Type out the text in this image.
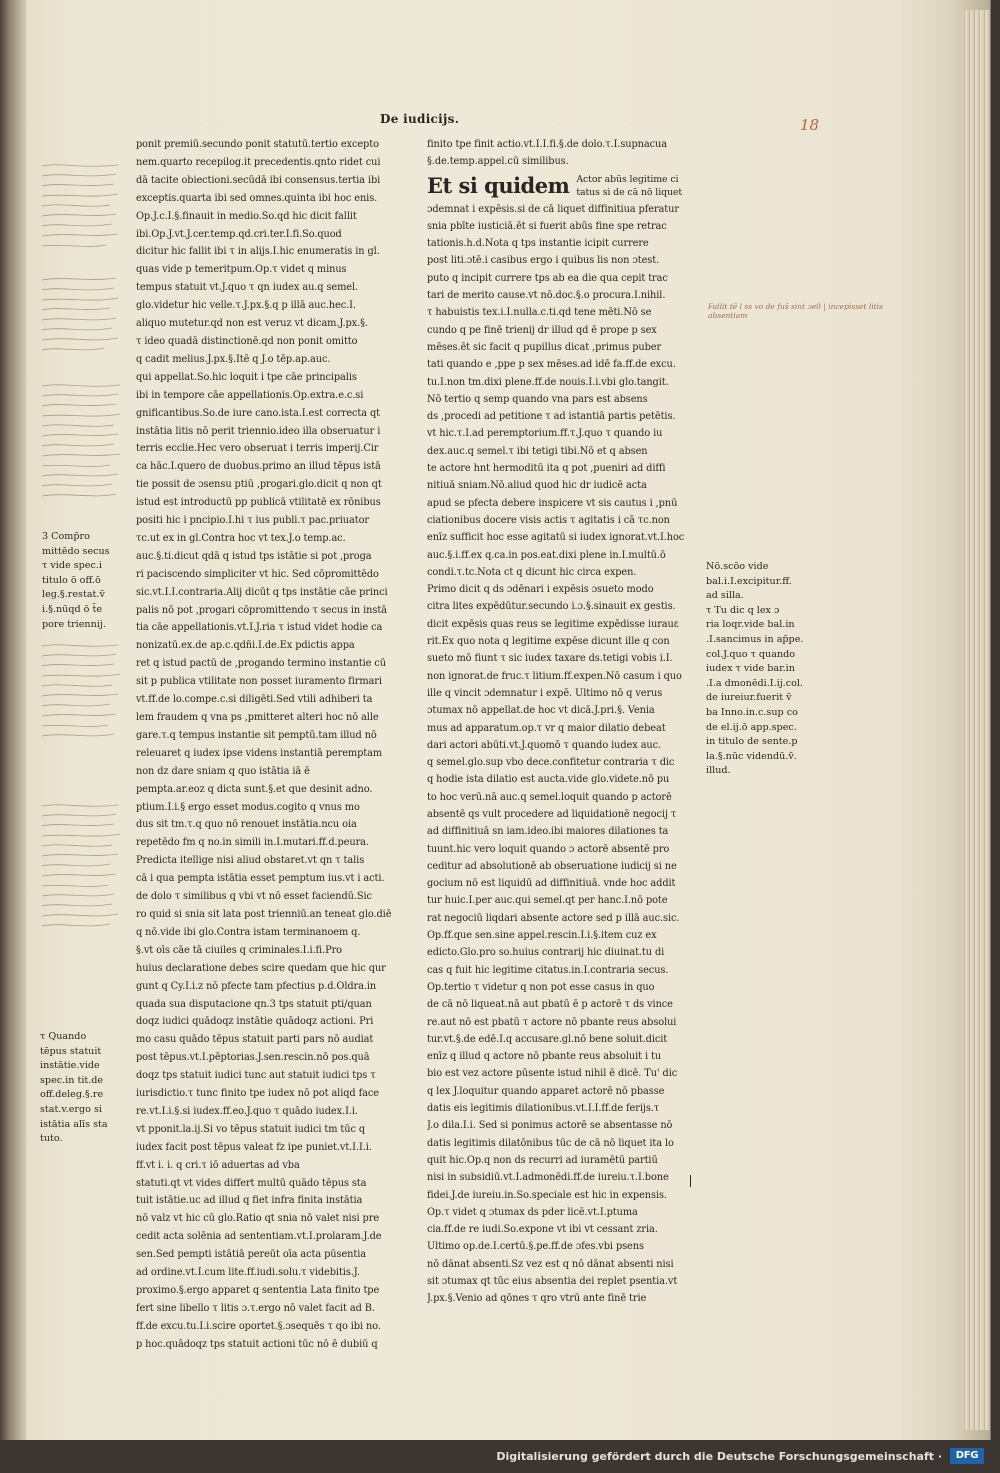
De iudicijs.	18
Fallit tē l ss vo de fus̄ sint ɔe0 | incepisset litis absentiam
ponit premiū.secundo ponit statutū.tertio excepto
nem.quarto recepilog.it precedentis.qnto ridet cui
dā tacite obiectioni.secūdā ibi consensus.tertia ibi
exceptis.quarta ibi sed omnes.quinta ibi hoc enis.
Op.J.c.I.§.finauit in medio.So.qd hic dicit fallit
ibi.Op.J.vt.J.cer.temp.qd.cri.ter.I.fi.So.quod
dicitur hic fallit ibi τ in alijs.I.hic enumeratis in gl.
quas vide p temeritpum.Op.τ videt q minus
tempus statuit vt.J.quo τ qn iudex au.q semel.
glo.videtur hic velle.τ.J.px.§.q p illā auc.hec.I.
aliquo mutetur.qd non est veruz vt dicam.J.px.§.
τ ideo quadā distinctionē.qd non ponit omitto
q cadit melius.J.px.§.Itē q J.o tēp.ap.auc.
qui appellat.So.hic loquit i tpe cāe principalis
ibi in tempore cāe appellationis.Op.extra.e.c.si
gnificantibus.So.de iure cano.ista.I.est correcta qt
instātia litis nō perit triennio.ideo illa obseruatur i
terris ecclie.Hec vero obseruat i terris imperij.Cir
ca hāc.I.quero de duobus.primo an illud tēpus istā
tie possit de ɔsensu ptiū ,progari.glo.dicit q non qt
istud est introductū pp publicā vtilitatē ex rōnibus
positi hic i pncipio.I.hi τ ius publi.τ pac.priuator
τc.ut ex in gl.Contra hoc vt tex.J.o temp.ac.
auc.§.ti.dicut qdā q istud tps istātie si pot ,proga
ri paciscendo simpliciter vt hic. Sed cōpromittēdo
sic.vt.I.I.contraria.Alij dicūt q tps instātie cāe princi
palis nō pot ,progari cōpromittendo τ secus in instā
tia cāe appellationis.vt.I.J.ria τ istud videt hodie ca
nonizatū.ex.de ap.c.qdñi.I.de.Ex pdictis appa
ret q istud pactū de ,progando termino instantie cū
sit p publica vtilitate non posset iuramento firmari
vt.ff.de lo.compe.c.si diligēti.Sed vtili adhiberi ta
lem fraudem q vna ps ,pmitteret alteri hoc nō alle
gare.τ.q tempus instantie sit pemptū.tam illud nō
releuaret q iudex ipse videns instantiā peremptam
non dz dare sniam q quo istātia iā ē
pempta.ar.eoz q dicta sunt.§.et que desinit adno.
ptium.I.i.§ ergo esset modus.cogito q vnus mo
dus sit tm.τ.q quo nō renouet instātia.ncu oia
repetēdo fm q no.in simili in.I.mutari.ff.d.peura.
Predicta itellige nisi aliud obstaret.vt qn τ talis
cā i qua pempta istātia esset pemptum ius.vt i acti.
de dolo τ similibus q vbi vt nō esset faciendū.Sic
ro quid si snia sit lata post trienniū.an teneat glo.diē
q nō.vide ibi glo.Contra istam terminanoem q.
§.vt oīs cāe tā ciuiles q criminales.I.i.fi.Pro
huius declaratione debes scire quedam que hic qur
gunt q Cy.I.i.z nō pfecte tam pfectius p.d.Oldra.in
quada sua disputacione qn.3 tps statuit pti/quan
doqz iudici quādoqz instātie quādoqz actioni. Pri
mo casu quādo tēpus statuit parti pars nō audiat
post tēpus.vt.I.pēptorias.J.sen.rescin.nō pos.quā
doqz tps statuit iudici tunc aut statuit iudici tps τ
iurisdictio.τ tunc finito tpe iudex nō pot aliqd face
re.vt.I.i.§.si iudex.ff.eo.J.quo τ quādo iudex.I.i.
vt pponit.la.ij.Si vo tēpus statuit iudici tm tūc q
iudex facit post tēpus valeat fz ipe puniet.vt.I.I.i.
ff.vt i. i. q cri.τ iō aduertas ad vba
statuti.qt vt vides differt multū quādo tēpus sta
tuit istātie.uc ad illud q fiet infra finita instātia
nō valz vt hic cū glo.Ratio qt snia nō valet nisi pre
cedit acta solēnia ad sententiam.vt.I.prolaram.J.de
sen.Sed pempti istātiā pereūt oīa acta pūsentia
ad ordine.vt.I.cum lite.ff.iudi.solu.τ videbitis.J.
proximo.§.ergo apparet q sententia Lata finito tpe
fert sine libello τ litis ɔ.τ.ergo nō valet facit ad B.
ff.de excu.tu.I.i.scire oportet.§.ɔsequēs τ qo ibi no.
p hoc.quādoqz tps statuit actioni tūc nō ē dubiū q
finito tpe finit actio.vt.I.I.fi.§.de dolo.τ.I.supnacua
§.de.temp.appel.cū similibus.
Et si quidem Actor abūs legitime ci
tatus si de cā nō liquet
ɔdemnat i expēsis.si de cā liquet diffinitiua pferatur
snia pbīte iusticiā.ēt si fuerit abūs fine spe retrac
tationis.h.d.Nota q tps instantie icipit currere
post liti.ɔtē.i casibus ergo i quibus lis non ɔtest.
puto q incipit currere tps ab ea die qua cepit trac
tari de merito cause.vt nō.doc.§.o procura.I.nihil.
τ habuistis tex.i.I.nulla.c.ti.qd tene mēti.Nō se
cundo q pe finē trienij dr illud qd ē prope p sex
mēses.ēt sic facit q pupillus dicat ,primus puber
tati quando e ,ppe p sex mēses.ad idē fa.ff.de excu.
tu.I.non tm.dixi plene.ff.de nouis.I.i.vbi glo.tangit.
Nō tertio q semp quando vna pars est absens
ds ,procedi ad petitione τ ad istantiā partis petētis.
vt hic.τ.I.ad peremptorium.ff.τ.J.quo τ quando iu
dex.auc.q semel.τ ibi tetigi tibi.Nō et q absen
te actore hnt hermoditū ita q pot ,pueniri ad diffi
nitiuā sniam.Nō.aliud quod hic dr iudicē acta
apud se pfecta debere inspicere vt sis cautus i ,pnū
ciationibus docere visis actis τ agitatis i cā τc.non
enīz sufficit hoc esse agitatū si iudex ignorat.vt.I.hoc
auc.§.i.ff.ex q.ca.in pos.eat.dixi plene in.I.multū.ō
condi.τ.tc.Nota ct q dicunt hic circa expen.
Primo dicit q ds ɔdēnari i expēsis ɔsueto modo
citra lites expēdūtur.secundo i.ɔ.§.sinauit ex gestis.
dicit expēsis quas reus se legitime expēdisse iurauε
rit.Ex quo nota q legitime expēse dicunt ille q con
sueto mō fiunt τ sic iudex taxare ds.tetigi vobis i.I.
non ignorat.de fruc.τ litium.ff.expen.Nō casum i quo
ille q vincit ɔdemnatur i expē. Ultimo nō q verus
ɔtumax nō appellat.de hoc vt dicā.J.pri.§. Venia
mus ad apparatum.op.τ vr q maior dilatio debeat
dari actori abūti.vt.J.quomō τ quando iudex auc.
q semel.glo.sup vbo dece.confitetur contraria τ dic
q hodie ista dilatio est aucta.vide glo.videte.nō pu
to hoc verū.nā auc.q semel.loquit quando p actorē
absentē qs vult procedere ad liquidationē negocij τ
ad diffinitiuā sn iam.ideo.ibi maiores dilationes ta
tuunt.hic vero loquit quando ɔ actorē absentē pro
ceditur ad absolutionē ab obseruatione iudicij si ne
gocium nō est liquidū ad diffinitiuā. vnde hoc addit
tur huic.I.per auc.qui semel.qt per hanc.I.nō pote
rat negociū liqdari absente actore sed p illā auc.sic.
Op.ff.que sen.sine appel.rescin.I.i.§.item cuz ex
edicto.Glo.pro so.huius contrarij hic diuinat.tu di
cas q fuit hic legitime citatus.in.I.contraria secus.
Op.tertio τ videtur q non pot esse casus in quo
de cā nō liqueat.nā aut pbatū ē p actorē τ ds vince
re.aut nō est pbatū τ actore nō pbante reus absolui
tur.vt.§.de edē.I.q accusare.gl.nō bene soluit.dicit
enīz q illud q actore nō pbante reus absoluit i tu
bio est vez actore pūsente istud nihil ē dicē. Tu' dic
q lex J.loquitur quando apparet actorē nō pbasse
datis eis legitimis dilationibus.vt.I.I.ff.de ferijs.τ
J.o dila.I.i. Sed si ponimus actorē se absentasse nō
datis legitimis dilatōnibus tūc de cā nō liquet ita lo
quit hic.Op.q non ds recurri ad iuramētū partiū
nisi in subsidiū.vt.I.admonēdi.ff.de iureiu.τ.I.bone
fidei.J.de iureiu.in.So.speciale est hic in expensis.
Op.τ videt q ɔtumax ds pder licē.vt.I.ptuma
cia.ff.de re iudi.So.expone vt ibi vt cessant zria.
Ultimo op.de.I.certū.§.pe.ff.de ɔfes.vbi psens
nō dānat absenti.Sz vez est q nō dānat absenti nisi
sit ɔtumax qt tūc eius absentia dei replet psentia.vt
J.px.§.Venio ad qōnes τ qro vtrū ante finē trie
3 Comp̄ro
mittēdo secus
τ vide spec.i
titulo ō off.ō
leg.§.restat.v̄
i.§.nūqd ō t̄e
pore triennij.
τ Quando
tēpus statuit
instātie.vide
spec.in tit.de
off.deleg.§.re
stat.v.ergo si
istātia alīs sta
tuto.
Nō.scōo vide
bal.i.I.excipitur.ff.
ad silla.
τ Tu dic q lex ɔ
ria loqr.vide bal.in
.I.sancimus in ap̄pe.
col.J.quo τ quando
iudex τ vide bar.in
.I.a dmonēdi.I.ij.col.
de iureiur.fuerit v̄
ba Inno.in.c.sup co
de el.ij.ō app.spec.
in titulo de sente.p
la.§.nūc videndū.v̄.
illud.
Digitalisierung gefördert durch die Deutsche Forschungsgemeinschaft ·	DFG
